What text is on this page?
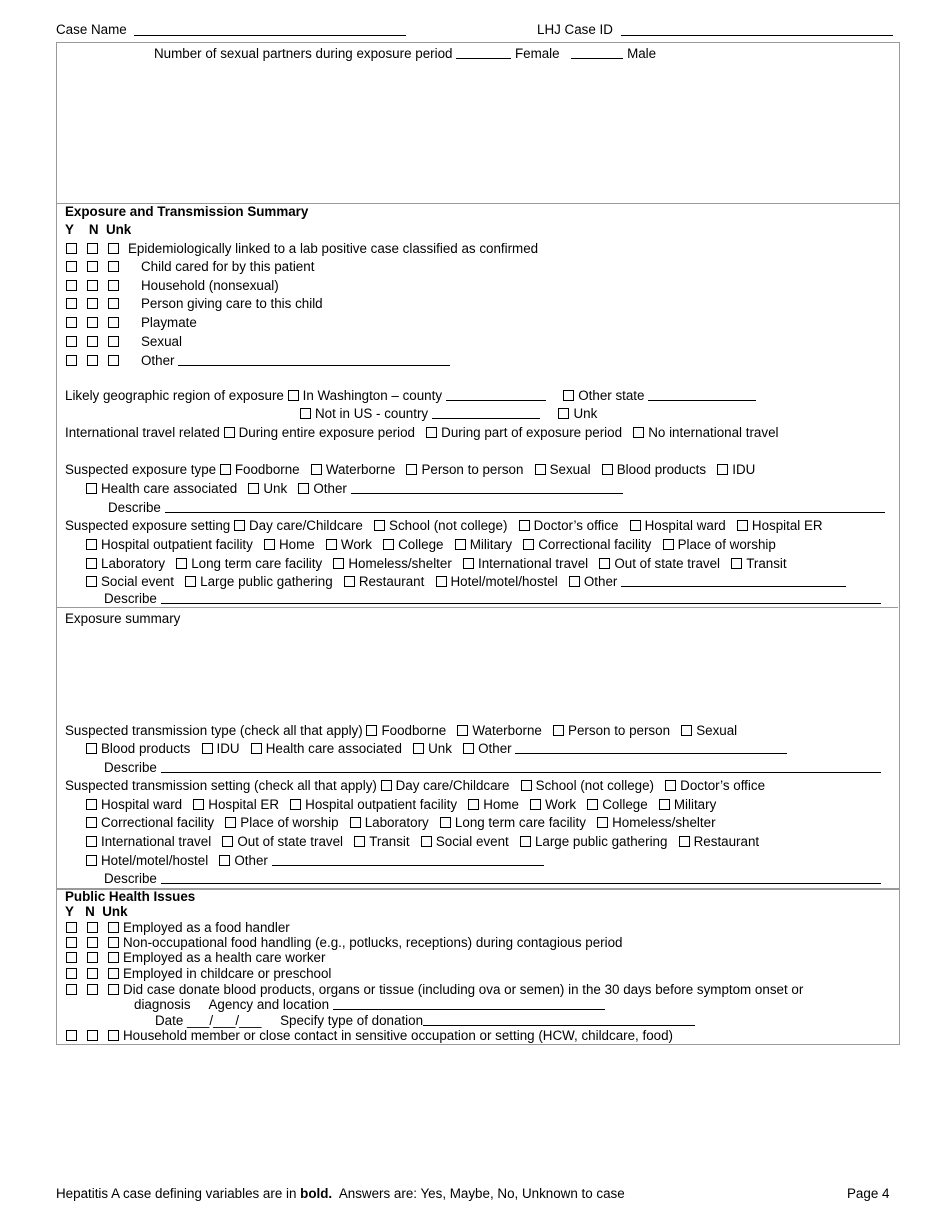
Case Name	LHJ Case ID
Number of sexual partners during exposure period	Female	Male
Exposure and Transmission Summary
Y N Unk
Epidemiologically linked to a lab positive case classified as confirmed
Child cared for by this patient
Household (nonsexual)
Person giving care to this child
Playmate
Sexual
Other
Likely geographic region of exposure In Washington – county	Other state
Not in US - country	Unk
International travel related During entire exposure period During part of exposure period No international travel
Suspected exposure type Foodborne Waterborne Person to person Sexual Blood products IDU
Health care associated Unk Other
Describe
Suspected exposure setting Day care/Childcare School (not college) Doctor’s office Hospital ward Hospital ER
Hospital outpatient facility Home Work College Military Correctional facility Place of worship
Laboratory Long term care facility Homeless/shelter International travel Out of state travel Transit
Social event Large public gathering Restaurant Hotel/motel/hostel Other
Describe
Exposure summary
Suspected transmission type (check all that apply) Foodborne Waterborne Person to person Sexual
Blood products IDU Health care associated Unk Other
Describe
Suspected transmission setting (check all that apply) Day care/Childcare School (not college) Doctor’s office
Hospital ward Hospital ER Hospital outpatient facility Home Work College Military
Correctional facility Place of worship Laboratory Long term care facility Homeless/shelter
International travel Out of state travel Transit Social event Large public gathering Restaurant
Hotel/motel/hostel Other
Describe
Public Health Issues
Y N Unk
Employed as a food handler
Non-occupational food handling (e.g., potlucks, receptions) during contagious period
Employed as a health care worker
Employed in childcare or preschool
Did case donate blood products, organs or tissue (including ova or semen) in the 30 days before symptom onset or
diagnosis Agency and location
Date ___/___/___ Specify type of donation
Household member or close contact in sensitive occupation or setting (HCW, childcare, food)
Hepatitis A case defining variables are in bold. Answers are: Yes, Maybe, No, Unknown to case	Page 4
